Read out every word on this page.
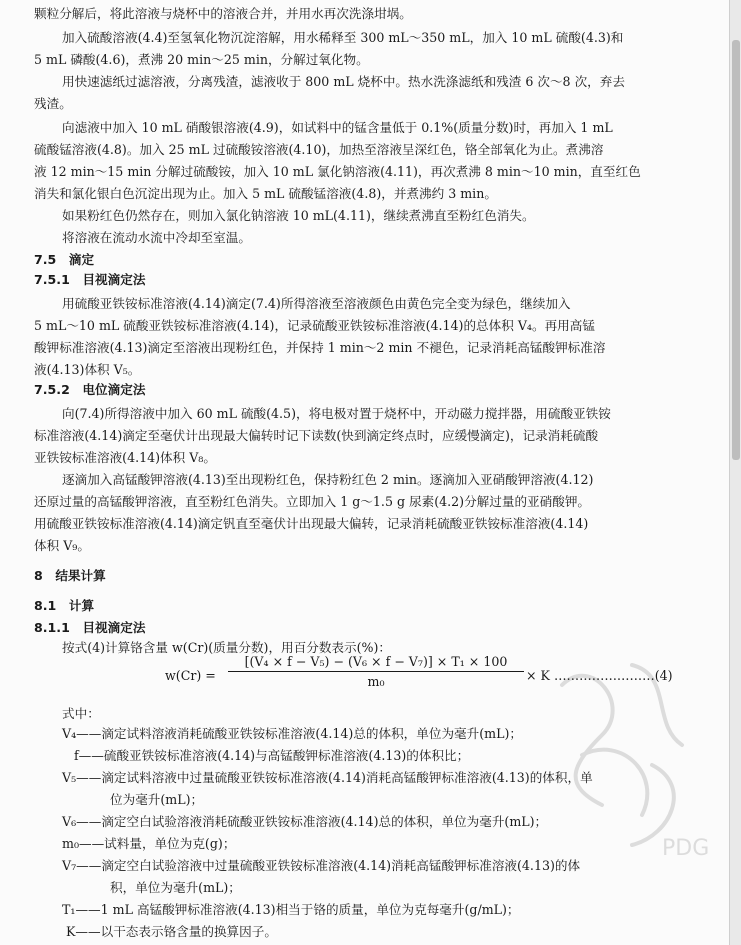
颗粒分解后，将此溶液与烧杯中的溶液合并，并用水再次洗涤坩埚。
加入硫酸溶液(4.4)至氢氧化物沉淀溶解，用水稀释至 300 mL～350 mL，加入 10 mL 硫酸(4.3)和
5 mL 磷酸(4.6)，煮沸 20 min～25 min，分解过氧化物。
用快速滤纸过滤溶液，分离残渣，滤液收于 800 mL 烧杯中。热水洗涤滤纸和残渣 6 次～8 次，弃去
残渣。
向滤液中加入 10 mL 硝酸银溶液(4.9)，如试料中的锰含量低于 0.1%(质量分数)时，再加入 1 mL
硫酸锰溶液(4.8)。加入 25 mL 过硫酸铵溶液(4.10)，加热至溶液呈深红色，铬全部氧化为止。煮沸溶
液 12 min～15 min 分解过硫酸铵，加入 10 mL 氯化钠溶液(4.11)，再次煮沸 8 min～10 min，直至红色
消失和氯化银白色沉淀出现为止。加入 5 mL 硫酸锰溶液(4.8)，并煮沸约 3 min。
如果粉红色仍然存在，则加入氯化钠溶液 10 mL(4.11)，继续煮沸直至粉红色消失。
将溶液在流动水流中冷却至室温。
7.5　滴定
7.5.1　目视滴定法
用硫酸亚铁铵标准溶液(4.14)滴定(7.4)所得溶液至溶液颜色由黄色完全变为绿色，继续加入
5 mL～10 mL 硫酸亚铁铵标准溶液(4.14)，记录硫酸亚铁铵标准溶液(4.14)的总体积 V₄。再用高锰
酸钾标准溶液(4.13)滴定至溶液出现粉红色，并保持 1 min～2 min 不褪色，记录消耗高锰酸钾标准溶
液(4.13)体积 V₅。
7.5.2　电位滴定法
向(7.4)所得溶液中加入 60 mL 硫酸(4.5)，将电极对置于烧杯中，开动磁力搅拌器，用硫酸亚铁铵
标准溶液(4.14)滴定至毫伏计出现最大偏转时记下读数(快到滴定终点时，应缓慢滴定)，记录消耗硫酸
亚铁铵标准溶液(4.14)体积 V₈。
逐滴加入高锰酸钾溶液(4.13)至出现粉红色，保持粉红色 2 min。逐滴加入亚硝酸钾溶液(4.12)
还原过量的高锰酸钾溶液，直至粉红色消失。立即加入 1 g～1.5 g 尿素(4.2)分解过量的亚硝酸钾。
用硫酸亚铁铵标准溶液(4.14)滴定钒直至毫伏计出现最大偏转，记录消耗硫酸亚铁铵标准溶液(4.14)
体积 V₉。
8　结果计算
8.1　计算
8.1.1　目视滴定法
按式(4)计算铬含量 w(Cr)(质量分数)，用百分数表示(%)：
w(Cr) =
[(V₄ × f − V₅) − (V₆ × f − V₇)] × T₁ × 100
m₀	× K ……………………(4)
式中：
V₄——滴定试料溶液消耗硫酸亚铁铵标准溶液(4.14)总的体积，单位为毫升(mL)；
f——硫酸亚铁铵标准溶液(4.14)与高锰酸钾标准溶液(4.13)的体积比；
V₅——滴定试料溶液中过量硫酸亚铁铵标准溶液(4.14)消耗高锰酸钾标准溶液(4.13)的体积，单
位为毫升(mL)；
V₆——滴定空白试验溶液消耗硫酸亚铁铵标准溶液(4.14)总的体积，单位为毫升(mL)；
m₀——试料量，单位为克(g)；
V₇——滴定空白试验溶液中过量硫酸亚铁铵标准溶液(4.14)消耗高锰酸钾标准溶液(4.13)的体
积，单位为毫升(mL)；
T₁——1 mL 高锰酸钾标准溶液(4.13)相当于铬的质量，单位为克每毫升(g/mL)；
K——以干态表示铬含量的换算因子。
PDG
